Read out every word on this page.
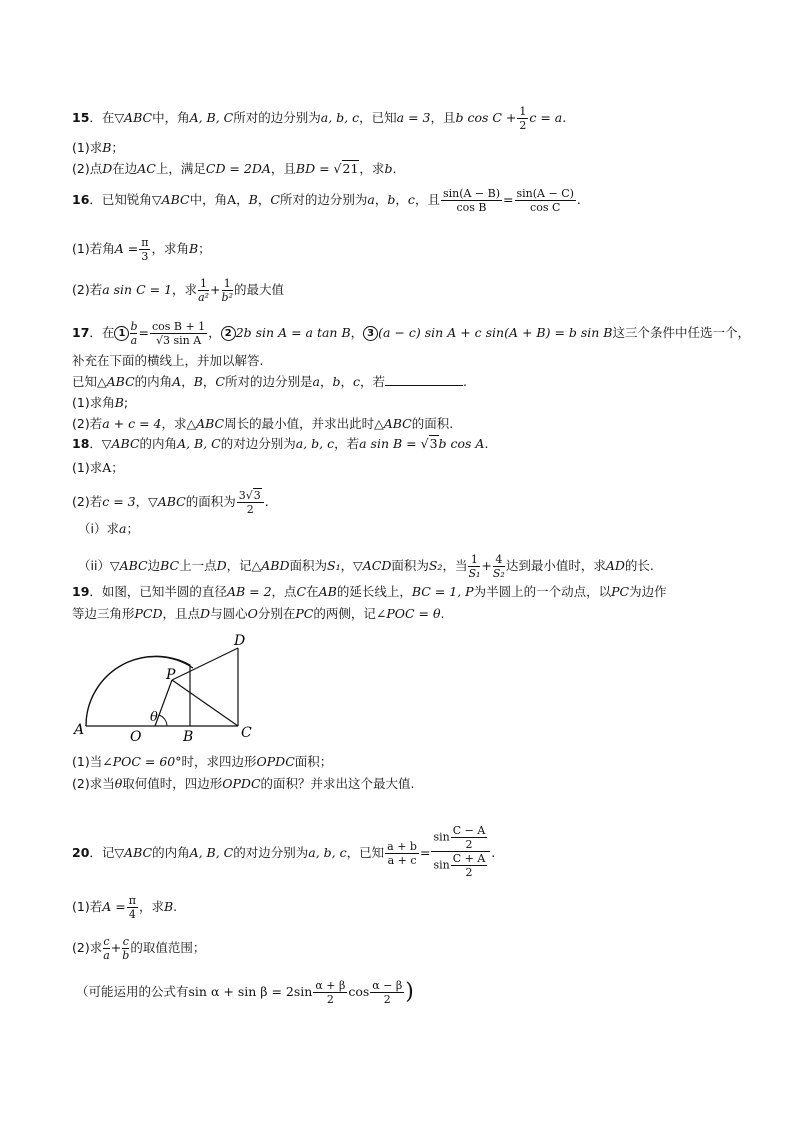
15．在▽ABC中，角A, B, C所对的边分别为a, b, c，已知a = 3，且b $\cos C + \frac{1}{2}$ c = a.
(1)求B；
(2)点D在边AC上，满足CD = 2DA，且BD = √21，求b.
16．已知锐角▽ABC中，角A，B，C所对的边分别为a，b，c，且 $\frac{\sin(A - B)}{\text{cos B}} = \frac{\sin(A - C)}{\text{cos C}}$ .
(1)若角$A = \frac{\pi}{3}$ ，求角B；
(2)若a sin C = 1，求 $\frac{1}{\text{a²}}+ \frac{1}{\text{b²}}$的最大值
17．在 $1 \frac{b}{a} = \frac{\text{cos B + 1}}{\text{√3 sin A}}$ ， 2 2b sin A = a tan B， 3 (a − c) sin A + c sin(A + B) = b sin B这三个条件中任选一个，
补充在下面的横线上，并加以解答.
已知△ABC的内角A，B，C所对的边分别是a，b，c，若	.
(1)求角B;
(2)若a + c = 4，求△ABC周长的最小值，并求出此时△ABC的面积.
18．▽ABC的内角A, B, C的对边分别为a, b, c，若a sin B = √3b cos A.
(1)求A；
(2)若c = 3，▽ABC的面积为 $\frac{3√3}{2}$ .
（i）求a；
（ii）▽ABC边BC上一点D，记△ABD面积为S₁，▽ACD面积为S₂，当 $\frac{1}{\text{S₁}}+ \frac{4}{\text{S₂}}$达到最小值时，求AD的长.
19．如图，已知半圆的直径AB = 2，点C在AB的延长线上，BC = 1, P为半圆上的一个动点，以PC为边作
等边三角形PCD，且点D与圆心O分别在PC的两侧，记∠POC = θ.
A	O	B	C
P
D
θ
(1)当∠POC = 60°时，求四边形OPDC面积；
(2)求当θ取何值时，四边形OPDC的面积？并求出这个最大值.
20．记▽ABC的内角A, B, C的对边分别为a, b, c，已知 $\frac{a + b}{a + c} = \frac{\sin \frac{C - A}{2}}{\sin \frac{C + A}{2}}$ .
(1)若$A = \frac{\pi}{4}$ ，求B.
(2)求 $\frac{c}{a} + \frac{c}{b}$ 的取值范围；
（可能运用的公式有$\sin \alpha + \sin \beta = 2\sin \frac{\alpha + \beta}{2}$ $\cos \frac{\alpha - \beta}{2}$ )
